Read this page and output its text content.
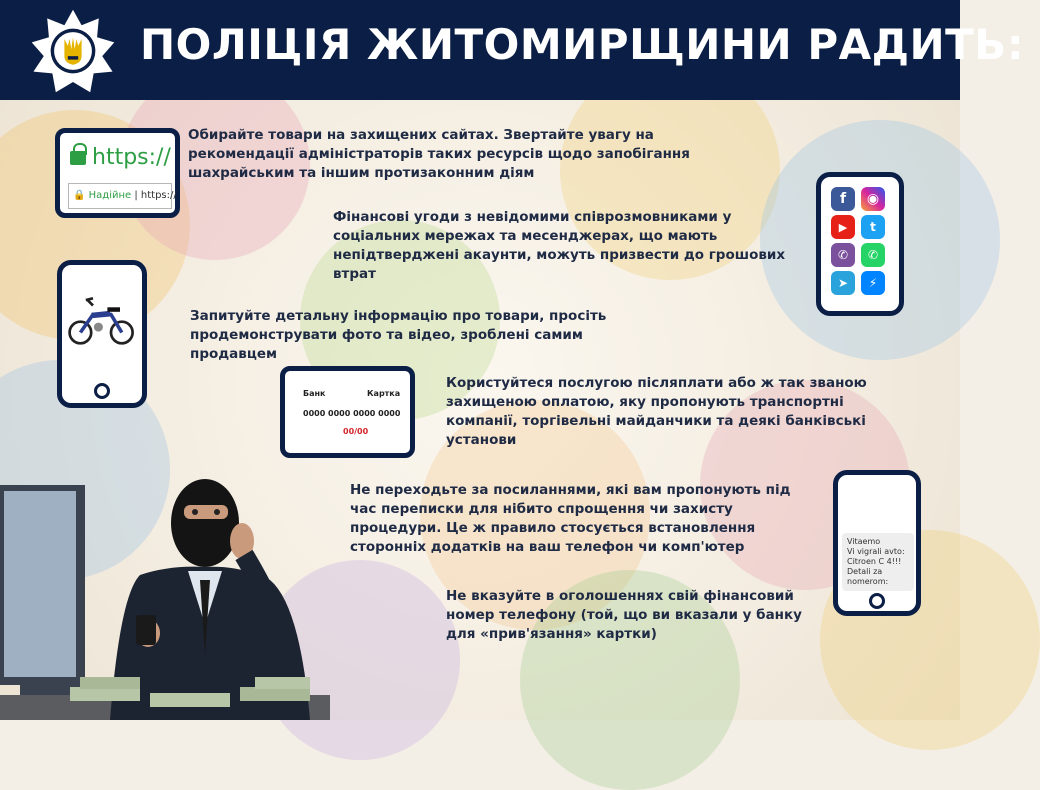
ПОЛІЦІЯ ЖИТОМИРЩИНИ РАДИТЬ:
https://
🔒 Надійне | https://
Обирайте товари на захищених сайтах. Звертайте увагу на рекомендації адміністраторів таких ресурсів щодо запобігання шахрайським та іншим протизаконним діям
f	◉
▶	t
✆	✆
➤	⚡
Фінансові угоди з невідомими співрозмовниками у соціальних мережах та месенджерах, що мають непідтверджені акаунти, можуть призвести до грошових втрат
Запитуйте детальну інформацію про товари, просіть продемонструвати фото та відео, зроблені самим продавцем
Банк	Картка
0000 0000 0000 0000
00/00
Користуйтеся послугою післяплати або ж так званою захищеною оплатою, яку пропонують транспортні компанії, торгівельні майданчики та деякі банківські установи
Не переходьте за посиланнями, які вам пропонують під час переписки для нібито спрощення чи захисту процедури. Це ж правило стосується встановлення сторонніх додатків на ваш телефон чи комп'ютер	Vitaemo
Vi vigrali avto:
Citroen C 4!!!
Detali za nomerom:
Не вказуйте в оголошеннях свій фінансовий номер телефону (той, що ви вказали у банку для «прив'язання» картки)
